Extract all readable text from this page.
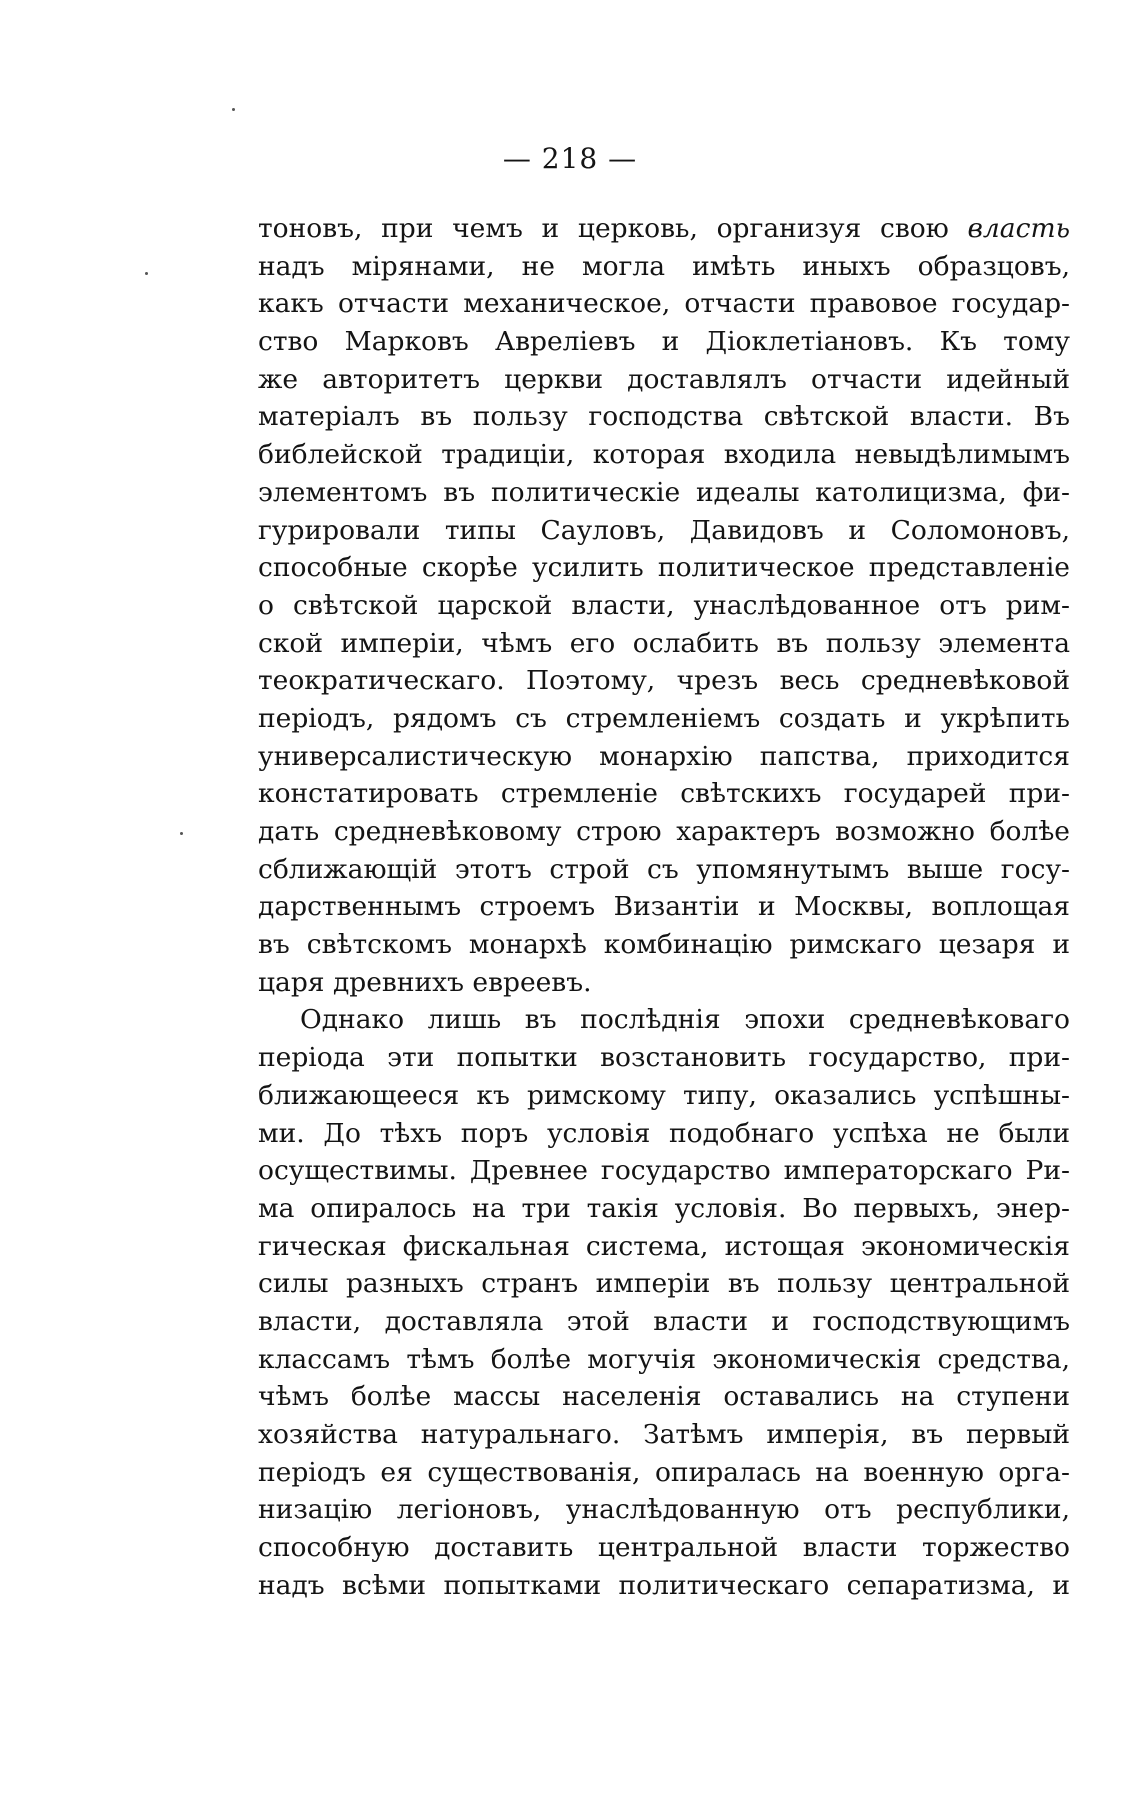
— 218 —
тоновъ, при чемъ и церковь, организуя свою власть
надъ мірянами, не могла имѣть иныхъ образцовъ,
какъ отчасти механическое, отчасти правовое государ-
ство Марковъ Авреліевъ и Діоклетіановъ. Къ тому
же авторитетъ церкви доставлялъ отчасти идейный
матеріалъ въ пользу господства свѣтской власти. Въ
библейской традиціи, которая входила невыдѣлимымъ
элементомъ въ политическіе идеалы католицизма, фи-
гурировали типы Сауловъ, Давидовъ и Соломоновъ,
способные скорѣе усилить политическое представленіе
о свѣтской царской власти, унаслѣдованное отъ рим-
ской имперіи, чѣмъ его ослабить въ пользу элемента
теократическаго. Поэтому, чрезъ весь средневѣковой
періодъ, рядомъ съ стремленіемъ создать и укрѣпить
универсалистическую монархію папства, приходится
констатировать стремленіе свѣтскихъ государей при-
дать средневѣковому строю характеръ возможно болѣе
сближающій этотъ строй съ упомянутымъ выше госу-
дарственнымъ строемъ Византіи и Москвы, воплощая
въ свѣтскомъ монархѣ комбинацію римскаго цезаря и
царя древнихъ евреевъ.
Однако лишь въ послѣднія эпохи средневѣковаго
періода эти попытки возстановить государство, при-
ближающееся къ римскому типу, оказались успѣшны-
ми. До тѣхъ поръ условія подобнаго успѣха не были
осуществимы. Древнее государство императорскаго Ри-
ма опиралось на три такія условія. Во первыхъ, энер-
гическая фискальная система, истощая экономическія
силы разныхъ странъ имперіи въ пользу центральной
власти, доставляла этой власти и господствующимъ
классамъ тѣмъ болѣе могучія экономическія средства,
чѣмъ болѣе массы населенія оставались на ступени
хозяйства натуральнаго. Затѣмъ имперія, въ первый
періодъ ея существованія, опиралась на военную орга-
низацію легіоновъ, унаслѣдованную отъ республики,
способную доставить центральной власти торжество
надъ всѣми попытками политическаго сепаратизма, и
